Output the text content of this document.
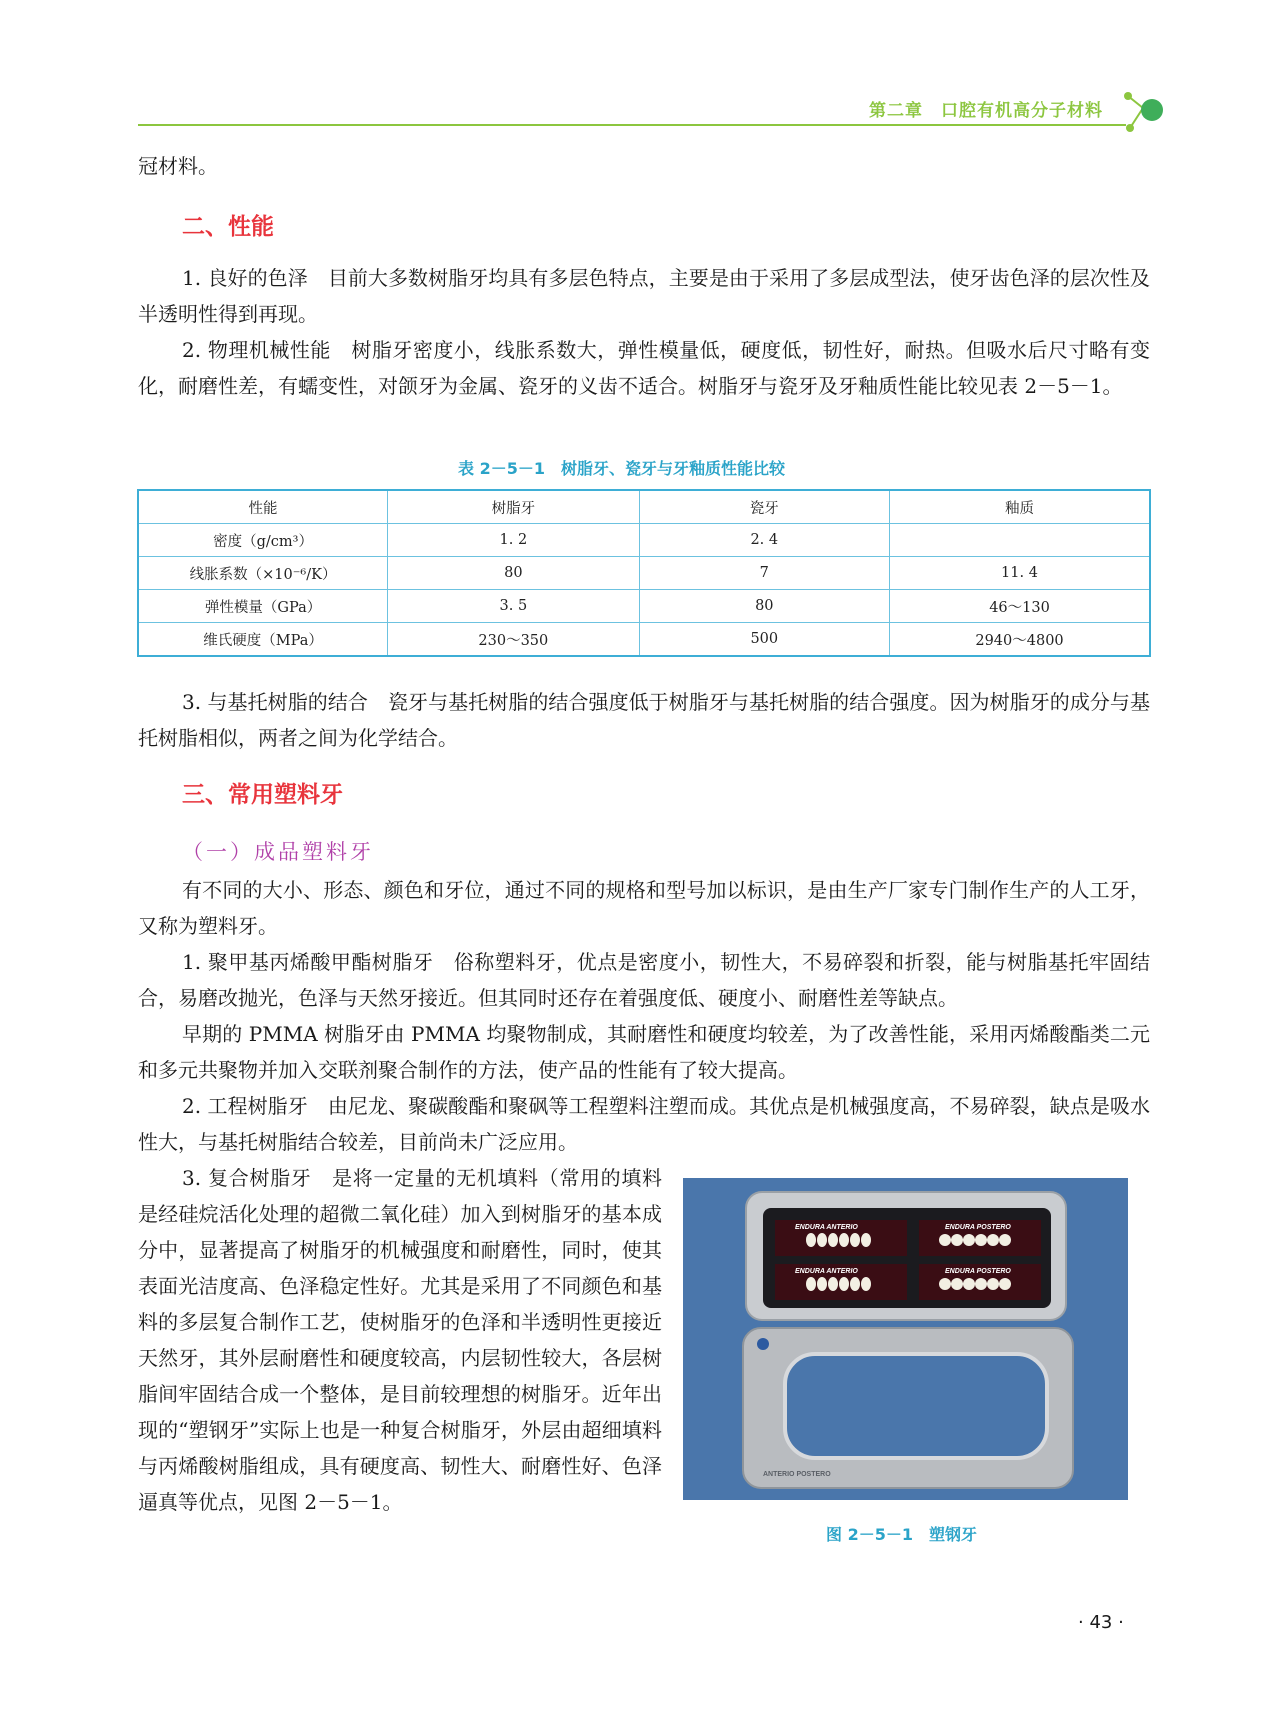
第二章　口腔有机高分子材料

冠材料。

二、性能

1. 良好的色泽　目前大多数树脂牙均具有多层色特点，主要是由于采用了多层成型法，使牙齿色泽的层次性及半透明性得到再现。

2. 物理机械性能　树脂牙密度小，线胀系数大，弹性模量低，硬度低，韧性好，耐热。但吸水后尺寸略有变化，耐磨性差，有蠕变性，对颌牙为金属、瓷牙的义齿不适合。树脂牙与瓷牙及牙釉质性能比较见表 2－5－1。

表 2－5－1　树脂牙、瓷牙与牙釉质性能比较
性能	树脂牙	瓷牙	釉质
密度（g/cm³）	1. 2	2. 4	
线胀系数（×10⁻⁶/K）	80	7	11. 4
弹性模量（GPa）	3. 5	80	46～130
维氏硬度（MPa）	230～350	500	2940～4800

3. 与基托树脂的结合　瓷牙与基托树脂的结合强度低于树脂牙与基托树脂的结合强度。因为树脂牙的成分与基托树脂相似，两者之间为化学结合。

三、常用塑料牙
（一）成品塑料牙

有不同的大小、形态、颜色和牙位，通过不同的规格和型号加以标识，是由生产厂家专门制作生产的人工牙，又称为塑料牙。

1. 聚甲基丙烯酸甲酯树脂牙　俗称塑料牙，优点是密度小，韧性大，不易碎裂和折裂，能与树脂基托牢固结合，易磨改抛光，色泽与天然牙接近。但其同时还存在着强度低、硬度小、耐磨性差等缺点。

早期的 PMMA 树脂牙由 PMMA 均聚物制成，其耐磨性和硬度均较差，为了改善性能，采用丙烯酸酯类二元和多元共聚物并加入交联剂聚合制作的方法，使产品的性能有了较大提高。

2. 工程树脂牙　由尼龙、聚碳酸酯和聚砜等工程塑料注塑而成。其优点是机械强度高，不易碎裂，缺点是吸水性大，与基托树脂结合较差，目前尚未广泛应用。

3. 复合树脂牙　是将一定量的无机填料（常用的填料是经硅烷活化处理的超微二氧化硅）加入到树脂牙的基本成分中，显著提高了树脂牙的机械强度和耐磨性，同时，使其表面光洁度高、色泽稳定性好。尤其是采用了不同颜色和基料的多层复合制作工艺，使树脂牙的色泽和半透明性更接近天然牙，其外层耐磨性和硬度较高，内层韧性较大，各层树脂间牢固结合成一个整体，是目前较理想的树脂牙。近年出现的“塑钢牙”实际上也是一种复合树脂牙，外层由超细填料与丙烯酸树脂组成，具有硬度高、韧性大、耐磨性好、色泽逼真等优点，见图 2－5－1。

ENDURA ANTERIO	ENDURA POSTERO
ENDURA ANTERIO	ENDURA POSTERO
ANTERIO POSTERO
图 2－5－1　塑钢牙
· 43 ·
